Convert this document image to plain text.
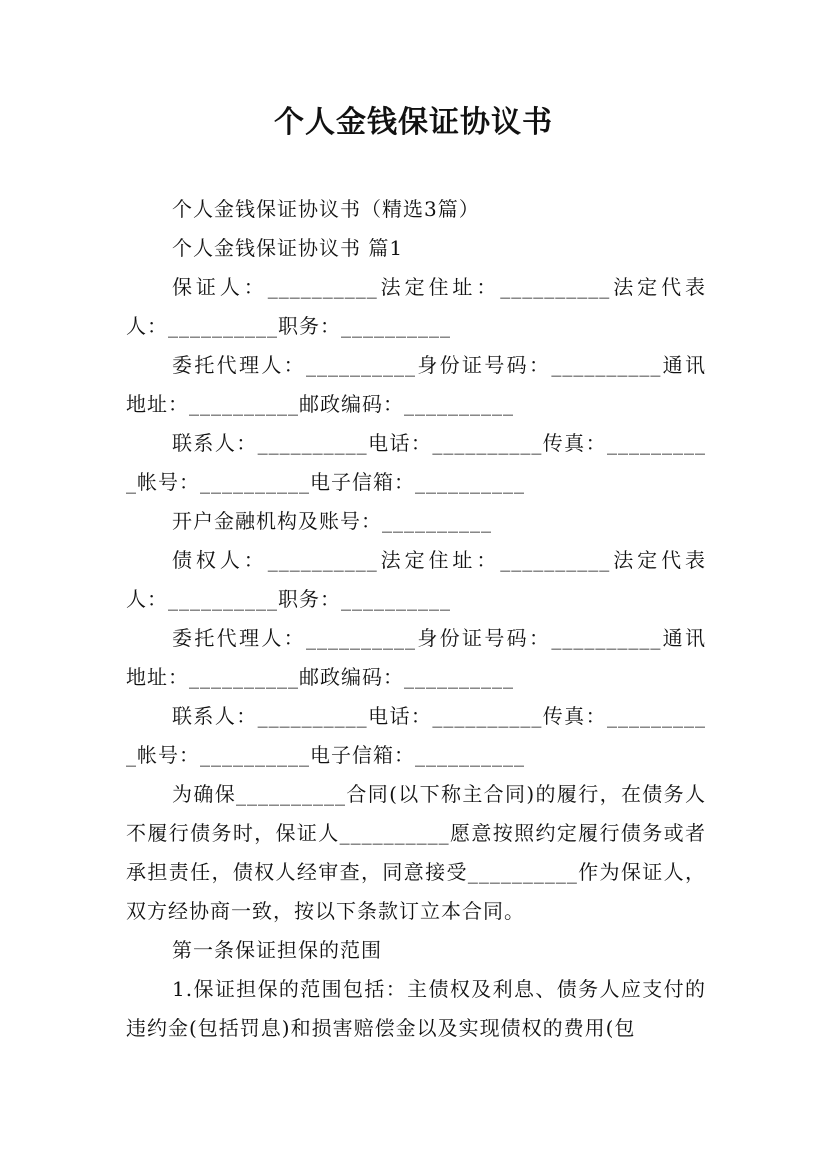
个人金钱保证协议书

个人金钱保证协议书（精选3篇）

个人金钱保证协议书 篇1

保证人：__________法定住址：__________法定代表人：__________职务：__________

委托代理人：__________身份证号码：__________通讯地址：__________邮政编码：__________

联系人：__________电话：__________传真：__________帐号：__________电子信箱：__________

开户金融机构及账号：__________

债权人：__________法定住址：__________法定代表人：__________职务：__________

委托代理人：__________身份证号码：__________通讯地址：__________邮政编码：__________

联系人：__________电话：__________传真：__________帐号：__________电子信箱：__________

为确保__________合同(以下称主合同)的履行，在债务人不履行债务时，保证人__________愿意按照约定履行债务或者承担责任，债权人经审查，同意接受__________作为保证人，双方经协商一致，按以下条款订立本合同。

第一条保证担保的范围

1.保证担保的范围包括：主债权及利息、债务人应支付的违约金(包括罚息)和损害赔偿金以及实现债权的费用(包
